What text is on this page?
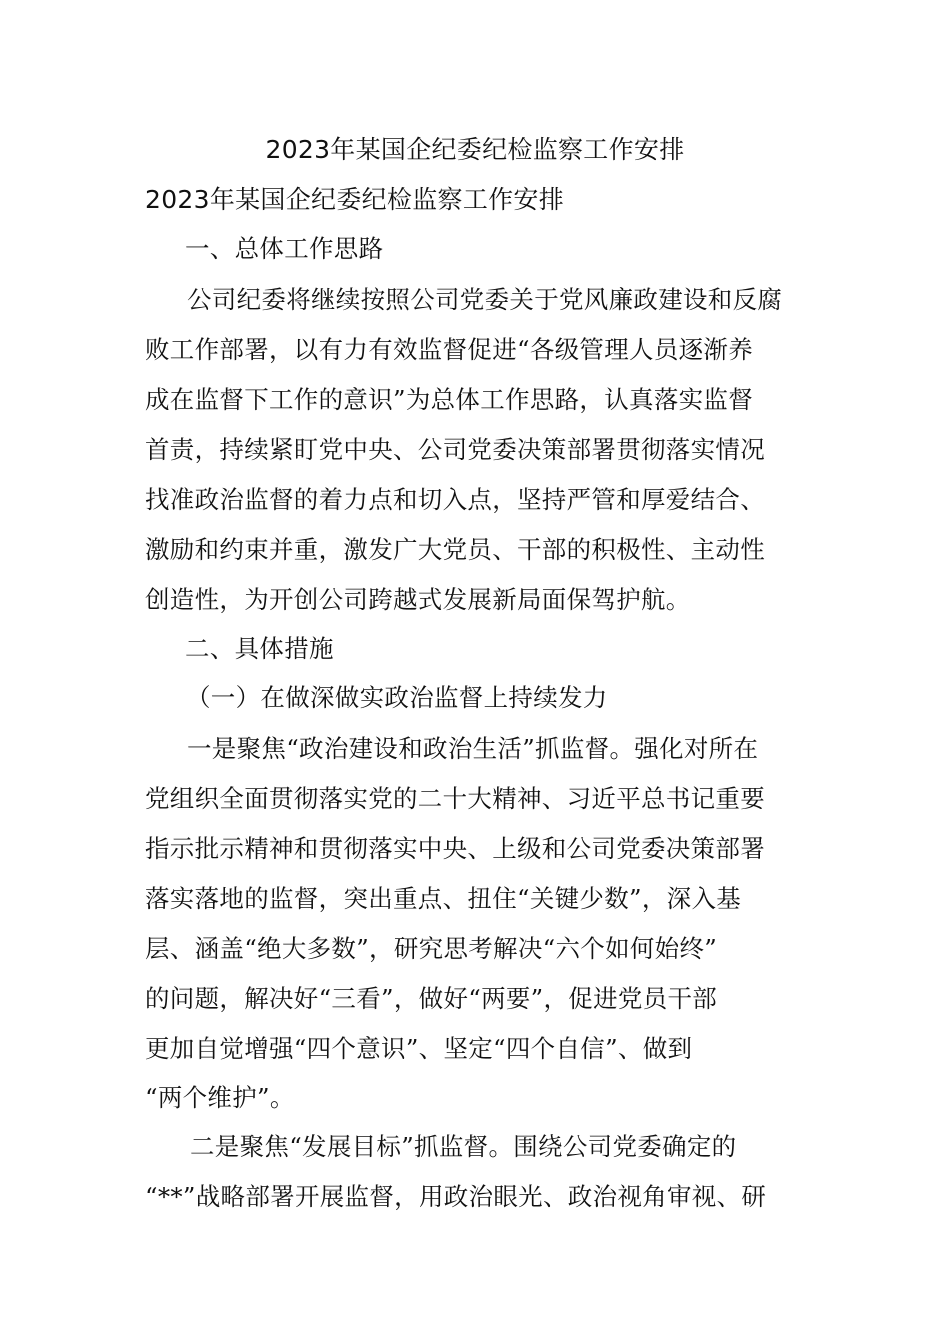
2023年某国企纪委纪检监察工作安排
2023年某国企纪委纪检监察工作安排
一、总体工作思路
公司纪委将继续按照公司党委关于党风廉政建设和反腐
败工作部署，以有力有效监督促进“各级管理人员逐渐养
成在监督下工作的意识”为总体工作思路，认真落实监督
首责，持续紧盯党中央、公司党委决策部署贯彻落实情况
找准政治监督的着力点和切入点，坚持严管和厚爱结合、
激励和约束并重，激发广大党员、干部的积极性、主动性
创造性，为开创公司跨越式发展新局面保驾护航。
二、具体措施
（一）在做深做实政治监督上持续发力
一是聚焦“政治建设和政治生活”抓监督。强化对所在
党组织全面贯彻落实党的二十大精神、习近平总书记重要
指示批示精神和贯彻落实中央、上级和公司党委决策部署
落实落地的监督，突出重点、扭住“关键少数”，深入基
层、涵盖“绝大多数”，研究思考解决“六个如何始终”
的问题，解决好“三看”，做好“两要”，促进党员干部
更加自觉增强“四个意识”、坚定“四个自信”、做到
“两个维护”。
二是聚焦“发展目标”抓监督。围绕公司党委确定的
“**”战略部署开展监督，用政治眼光、政治视角审视、研
